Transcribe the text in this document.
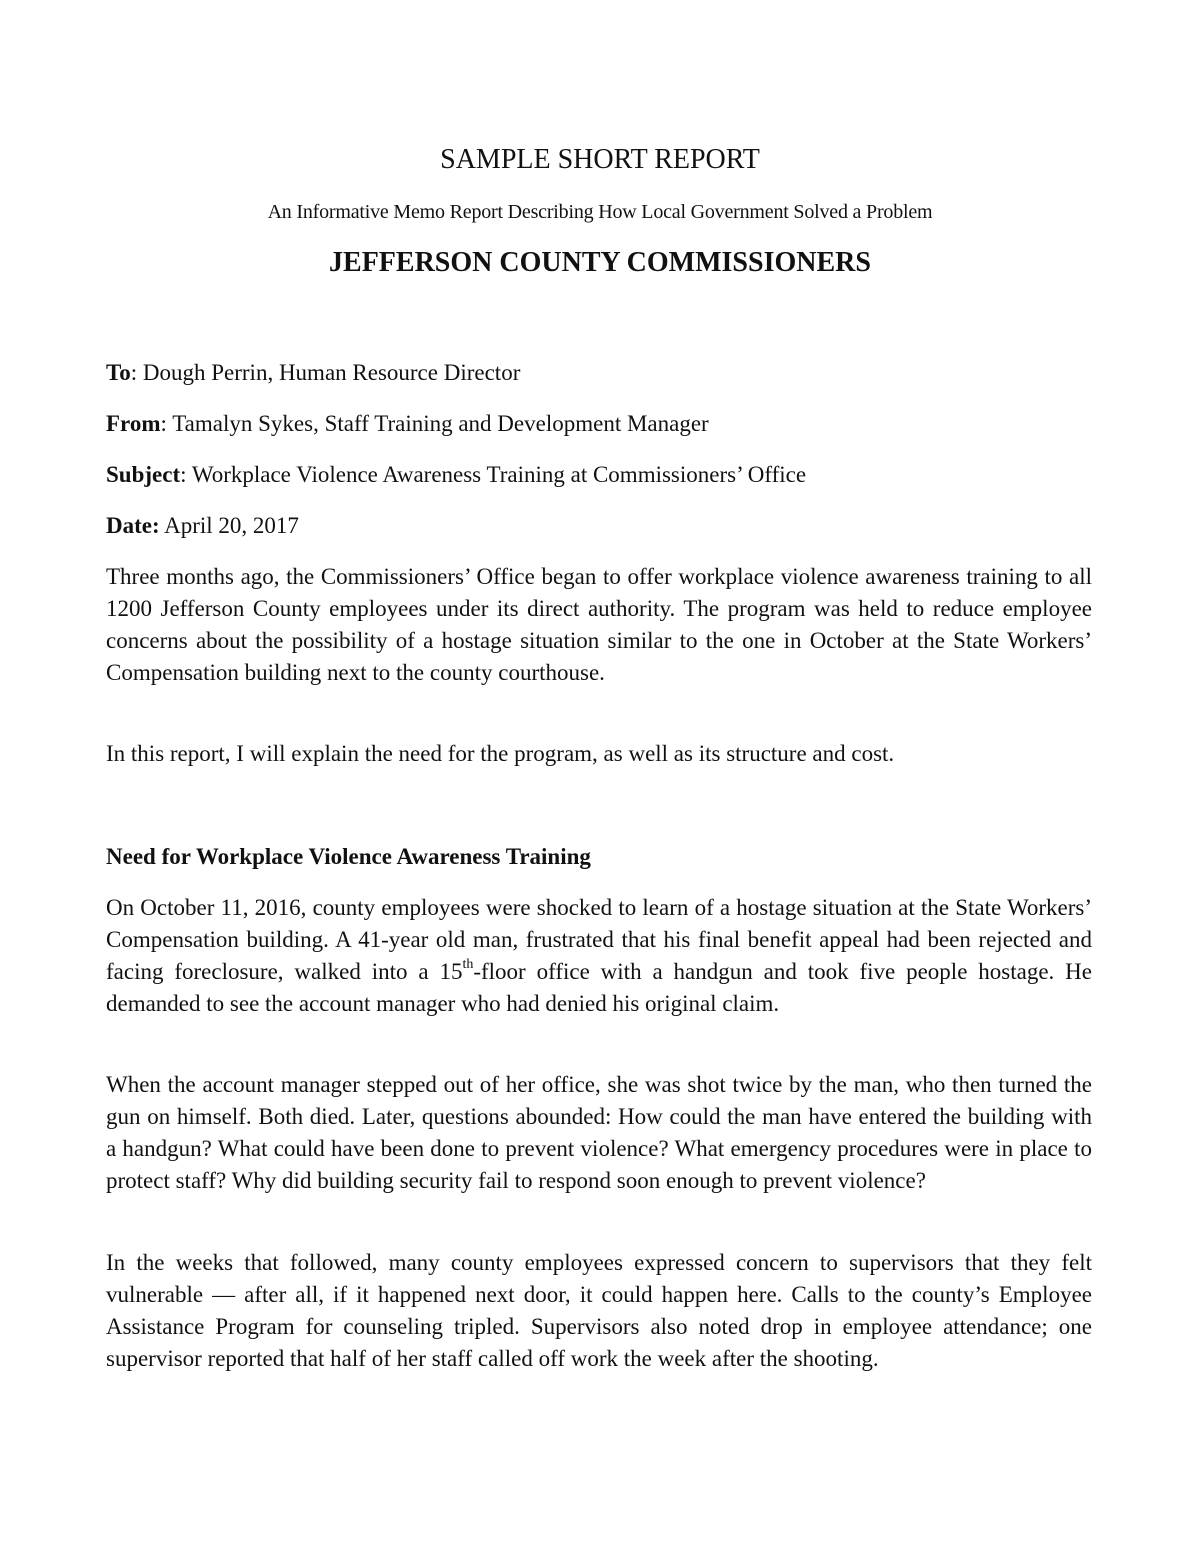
SAMPLE SHORT REPORT
An Informative Memo Report Describing How Local Government Solved a Problem
JEFFERSON COUNTY COMMISSIONERS
To: Dough Perrin, Human Resource Director
From: Tamalyn Sykes, Staff Training and Development Manager
Subject: Workplace Violence Awareness Training at Commissioners’ Office
Date: April 20, 2017
Three months ago, the Commissioners’ Office began to offer workplace violence awareness training to all 1200 Jefferson County employees under its direct authority. The program was held to reduce employee concerns about the possibility of a hostage situation similar to the one in October at the State Workers’ Compensation building next to the county courthouse.
In this report, I will explain the need for the program, as well as its structure and cost.
Need for Workplace Violence Awareness Training
On October 11, 2016, county employees were shocked to learn of a hostage situation at the State Workers’ Compensation building. A 41-year old man, frustrated that his final benefit appeal had been rejected and facing foreclosure, walked into a 15th-floor office with a handgun and took five people hostage. He demanded to see the account manager who had denied his original claim.
When the account manager stepped out of her office, she was shot twice by the man, who then turned the gun on himself. Both died. Later, questions abounded: How could the man have entered the building with a handgun? What could have been done to prevent violence? What emergency procedures were in place to protect staff? Why did building security fail to respond soon enough to prevent violence?
In the weeks that followed, many county employees expressed concern to supervisors that they felt vulnerable — after all, if it happened next door, it could happen here. Calls to the county’s Employee Assistance Program for counseling tripled. Supervisors also noted drop in employee attendance; one supervisor reported that half of her staff called off work the week after the shooting.
